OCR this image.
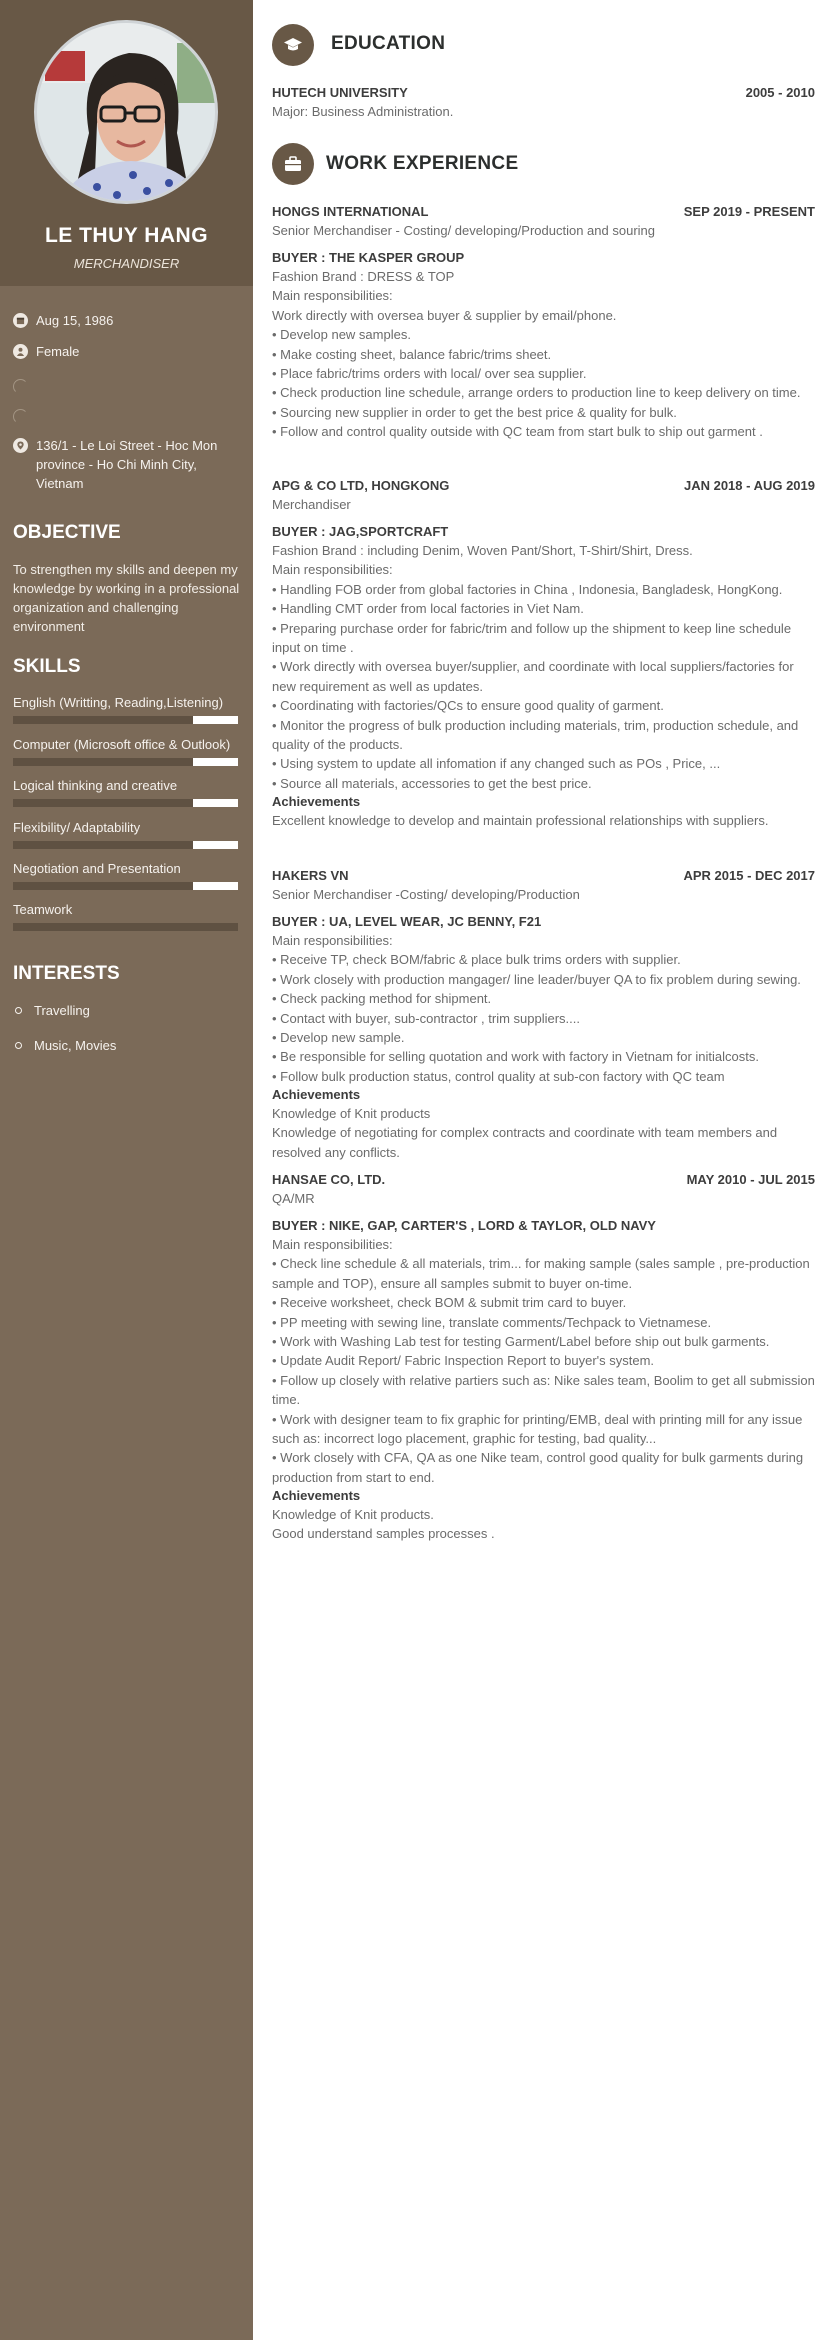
LE THUY HANG
MERCHANDISER
Aug 15, 1986
Female
136/1 - Le Loi Street - Hoc Mon province - Ho Chi Minh City, Vietnam
OBJECTIVE
To strengthen my skills and deepen my knowledge by working in a professional organization and challenging environment
SKILLS
English (Writting, Reading,Listening)
Computer (Microsoft office & Outlook)
Logical thinking and creative
Flexibility/ Adaptability
Negotiation and Presentation
Teamwork
INTERESTS
Travelling
Music, Movies
EDUCATION
HUTECH UNIVERSITY	2005 - 2010
Major: Business Administration.
WORK EXPERIENCE
HONGS INTERNATIONAL	SEP 2019 - PRESENT
Senior Merchandiser - Costing/ developing/Production and souring
BUYER : THE KASPER GROUP
Fashion Brand : DRESS & TOP
Main responsibilities:
Work directly with oversea buyer & supplier by email/phone.
• Develop new samples.
• Make costing sheet, balance fabric/trims sheet.
• Place fabric/trims orders with local/ over sea supplier.
• Check production line schedule, arrange orders to production line to keep delivery on time.
• Sourcing new supplier in order to get the best price & quality for bulk.
• Follow and control quality outside with QC team from start bulk to ship out garment .
APG & CO LTD, HONGKONG	JAN 2018 - AUG 2019
Merchandiser
BUYER : JAG,SPORTCRAFT
Fashion Brand : including Denim, Woven Pant/Short, T-Shirt/Shirt, Dress.
Main responsibilities:
• Handling FOB order from global factories in China , Indonesia, Bangladesk, HongKong.
• Handling CMT order from local factories in Viet Nam.
• Preparing purchase order for fabric/trim and follow up the shipment to keep line schedule input on time .
• Work directly with oversea buyer/supplier, and coordinate with local suppliers/factories for new requirement as well as updates.
• Coordinating with factories/QCs to ensure good quality of garment.
• Monitor the progress of bulk production including materials, trim, production schedule, and quality of the products.
• Using system to update all infomation if any changed such as POs , Price, ...
• Source all materials, accessories to get the best price.
Achievements
Excellent knowledge to develop and maintain professional relationships with suppliers.
HAKERS VN	APR 2015 - DEC 2017
Senior Merchandiser -Costing/ developing/Production
BUYER : UA, LEVEL WEAR, JC BENNY, F21
Main responsibilities:
• Receive TP, check BOM/fabric & place bulk trims orders with supplier.
• Work closely with production mangager/ line leader/buyer QA to fix problem during sewing.
• Check packing method for shipment.
• Contact with buyer, sub-contractor , trim suppliers....
• Develop new sample.
• Be responsible for selling quotation and work with factory in Vietnam for initialcosts.
• Follow bulk production status, control quality at sub-con factory with QC team
Achievements
Knowledge of Knit products
Knowledge of negotiating for complex contracts and coordinate with team members and resolved any conflicts.
HANSAE CO, LTD.	MAY 2010 - JUL 2015
QA/MR
BUYER : NIKE, GAP, CARTER'S , LORD & TAYLOR, OLD NAVY
Main responsibilities:
• Check line schedule & all materials, trim... for making sample (sales sample , pre-production sample and TOP), ensure all samples submit to buyer on-time.
• Receive worksheet, check BOM & submit trim card to buyer.
• PP meeting with sewing line, translate comments/Techpack to Vietnamese.
• Work with Washing Lab test for testing Garment/Label before ship out bulk garments.
• Update Audit Report/ Fabric Inspection Report to buyer's system.
• Follow up closely with relative partiers such as: Nike sales team, Boolim to get all submission time.
• Work with designer team to fix graphic for printing/EMB, deal with printing mill for any issue such as: incorrect logo placement, graphic for testing, bad quality...
• Work closely with CFA, QA as one Nike team, control good quality for bulk garments during production from start to end.
Achievements
Knowledge of Knit products.
Good understand samples processes .
